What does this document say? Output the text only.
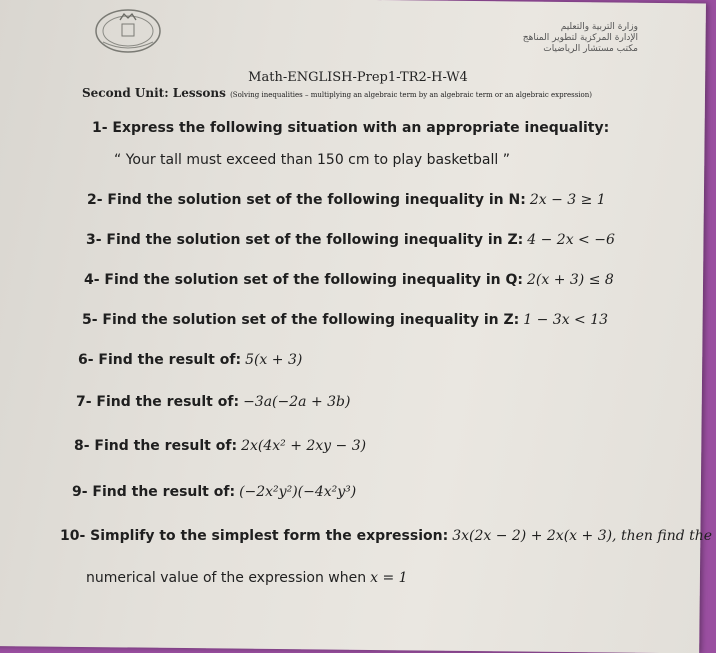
وزارة التربية والتعليم
الإدارة المركزية لتطوير المناهج
مكتب مستشار الرياضيات
Math-ENGLISH-Prep1-TR2-H-W4
Second Unit: Lessons (Solving inequalities – multiplying an algebraic term by an algebraic term or an algebraic expression)
1- Express the following situation with an appropriate inequality:
“ Your tall must exceed than 150 cm to play basketball ”
2- Find the solution set of the following inequality in N: 2x − 3 ≥ 1
3- Find the solution set of the following inequality in Z: 4 − 2x < −6
4- Find the solution set of the following inequality in Q: 2(x + 3) ≤ 8
5- Find the solution set of the following inequality in Z: 1 − 3x < 13
6- Find the result of: 5(x + 3)
7- Find the result of: −3a(−2a + 3b)
8- Find the result of: 2x(4x² + 2xy − 3)
9- Find the result of: (−2x²y²)(−4x²y³)
10- Simplify to the simplest form the expression: 3x(2x − 2) + 2x(x + 3), then find the
numerical value of the expression when x = 1
